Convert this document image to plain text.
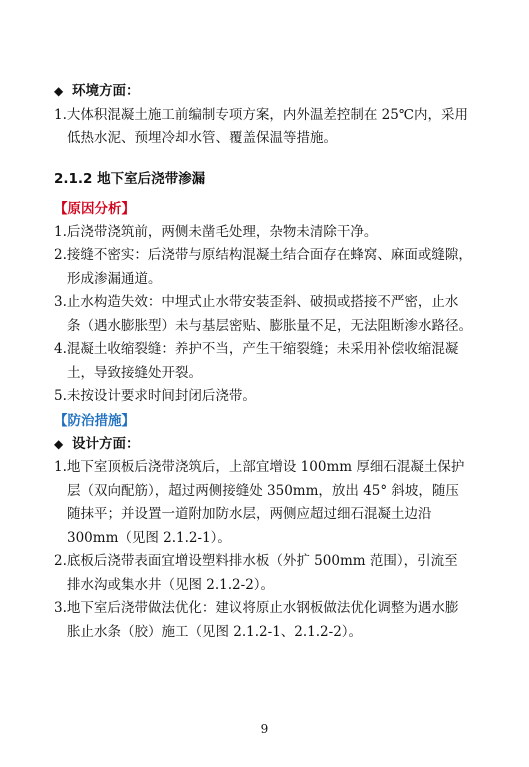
◆ 环境方面：
1.大体积混凝土施工前编制专项方案，内外温差控制在 25℃内，采用
低热水泥、预埋冷却水管、覆盖保温等措施。
2.1.2 地下室后浇带渗漏
【原因分析】
1.后浇带浇筑前，两侧未凿毛处理，杂物未清除干净。
2.接缝不密实：后浇带与原结构混凝土结合面存在蜂窝、麻面或缝隙，
形成渗漏通道。
3.止水构造失效：中埋式止水带安装歪斜、破损或搭接不严密，止水
条（遇水膨胀型）未与基层密贴、膨胀量不足，无法阻断渗水路径。
4.混凝土收缩裂缝：养护不当，产生干缩裂缝；未采用补偿收缩混凝
土，导致接缝处开裂。
5.未按设计要求时间封闭后浇带。
【防治措施】
◆ 设计方面：
1.地下室顶板后浇带浇筑后，上部宜增设 100mm 厚细石混凝土保护
层（双向配筋），超过两侧接缝处 350mm，放出 45° 斜坡，随压
随抹平；并设置一道附加防水层，两侧应超过细石混凝土边沿
300mm（见图 2.1.2-1）。
2.底板后浇带表面宜增设塑料排水板（外扩 500mm 范围），引流至
排水沟或集水井（见图 2.1.2-2）。
3.地下室后浇带做法优化：建议将原止水钢板做法优化调整为遇水膨
胀止水条（胶）施工（见图 2.1.2-1、2.1.2-2）。
9
